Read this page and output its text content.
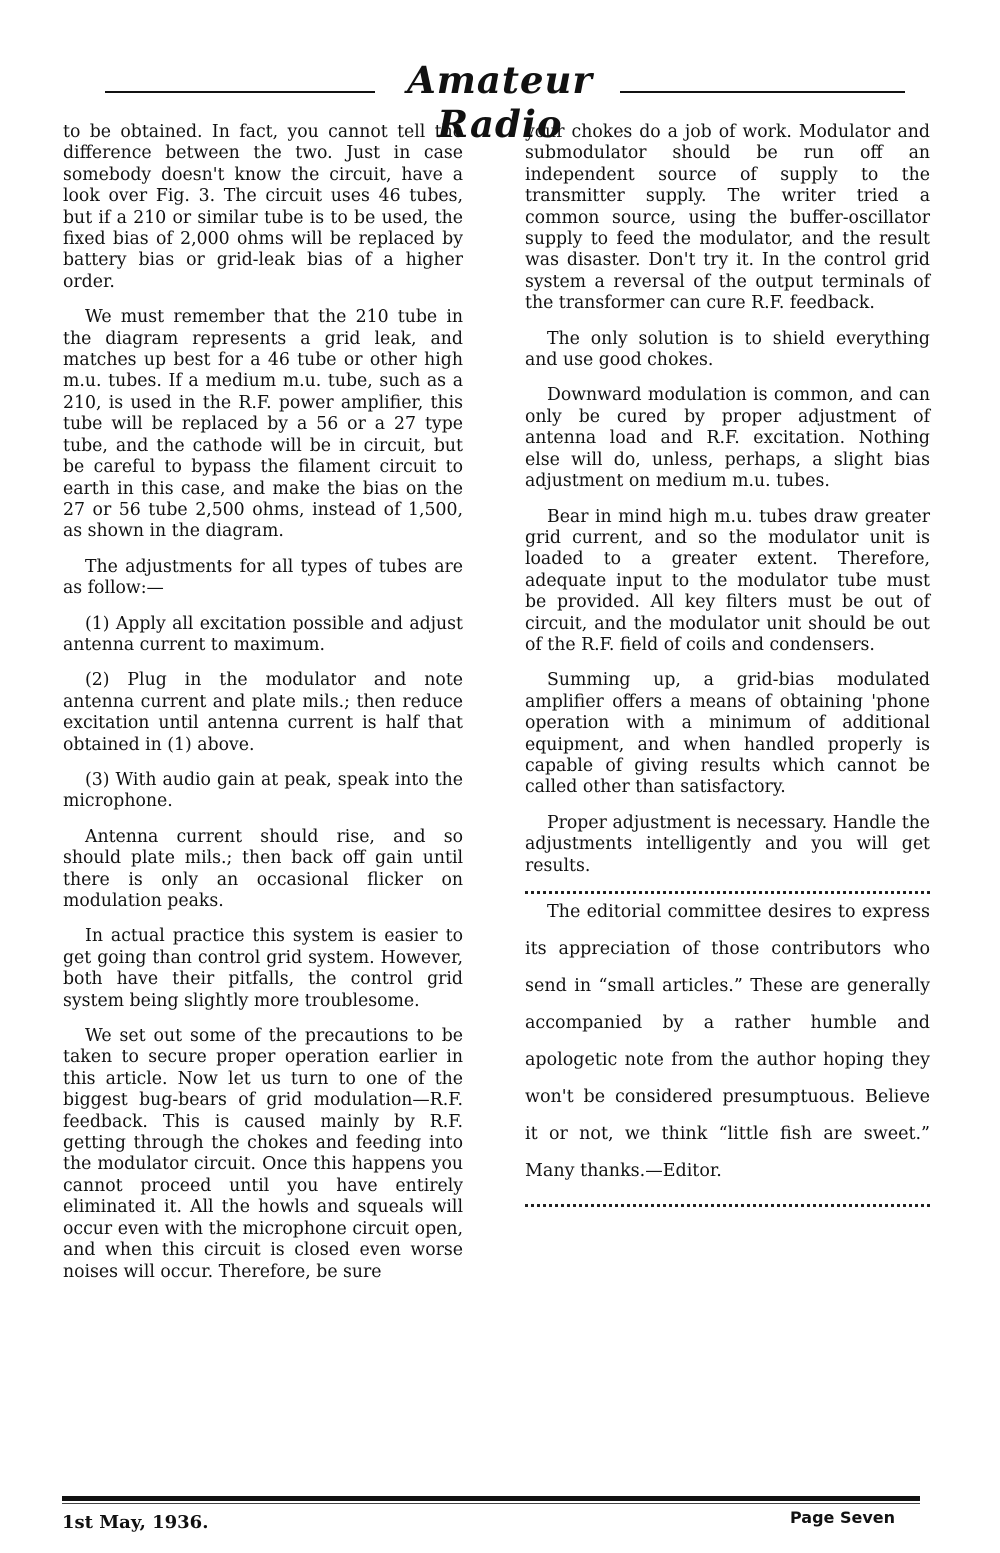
Amateur Radio

to be obtained. In fact, you cannot tell the difference between the two. Just in case somebody doesn't know the circuit, have a look over Fig. 3. The circuit uses 46 tubes, but if a 210 or similar tube is to be used, the fixed bias of 2,000 ohms will be replaced by battery bias or grid-leak bias of a higher order.

We must remember that the 210 tube in the diagram represents a grid leak, and matches up best for a 46 tube or other high m.u. tubes. If a medium m.u. tube, such as a 210, is used in the R.F. power amplifier, this tube will be replaced by a 56 or a 27 type tube, and the cathode will be in circuit, but be careful to bypass the filament circuit to earth in this case, and make the bias on the 27 or 56 tube 2,500 ohms, instead of 1,500, as shown in the diagram.

The adjustments for all types of tubes are as follow:—

(1) Apply all excitation possible and adjust antenna current to maximum.

(2) Plug in the modulator and note antenna current and plate mils.; then reduce excitation until antenna current is half that obtained in (1) above.

(3) With audio gain at peak, speak into the microphone.

Antenna current should rise, and so should plate mils.; then back off gain until there is only an occasional flicker on modulation peaks.

In actual practice this system is easier to get going than control grid system. However, both have their pitfalls, the control grid system being slightly more troublesome.

We set out some of the precautions to be taken to secure proper operation earlier in this article. Now let us turn to one of the biggest bug-bears of grid modulation—R.F. feedback. This is caused mainly by R.F. getting through the chokes and feeding into the modulator circuit. Once this happens you cannot proceed until you have entirely eliminated it. All the howls and squeals will occur even with the microphone circuit open, and when this circuit is closed even worse noises will occur. Therefore, be sure

your chokes do a job of work. Modulator and submodulator should be run off an independent source of supply to the transmitter supply. The writer tried a common source, using the buffer-oscillator supply to feed the modulator, and the result was disaster. Don't try it. In the control grid system a reversal of the output terminals of the transformer can cure R.F. feedback.

The only solution is to shield everything and use good chokes.

Downward modulation is common, and can only be cured by proper adjustment of antenna load and R.F. excitation. Nothing else will do, unless, perhaps, a slight bias adjustment on medium m.u. tubes.

Bear in mind high m.u. tubes draw greater grid current, and so the modulator unit is loaded to a greater extent. Therefore, adequate input to the modulator tube must be provided. All key filters must be out of circuit, and the modulator unit should be out of the R.F. field of coils and condensers.

Summing up, a grid-bias modulated amplifier offers a means of obtaining 'phone operation with a minimum of additional equipment, and when handled properly is capable of giving results which cannot be called other than satisfactory.

Proper adjustment is necessary. Handle the adjustments intelligently and you will get results.

The editorial committee desires to express its appreciation of those contributors who send in “small articles.” These are generally accompanied by a rather humble and apologetic note from the author hoping they won't be considered presumptuous. Believe it or not, we think “little fish are sweet.” Many thanks.—Editor.

1st May, 1936.	Page Seven
